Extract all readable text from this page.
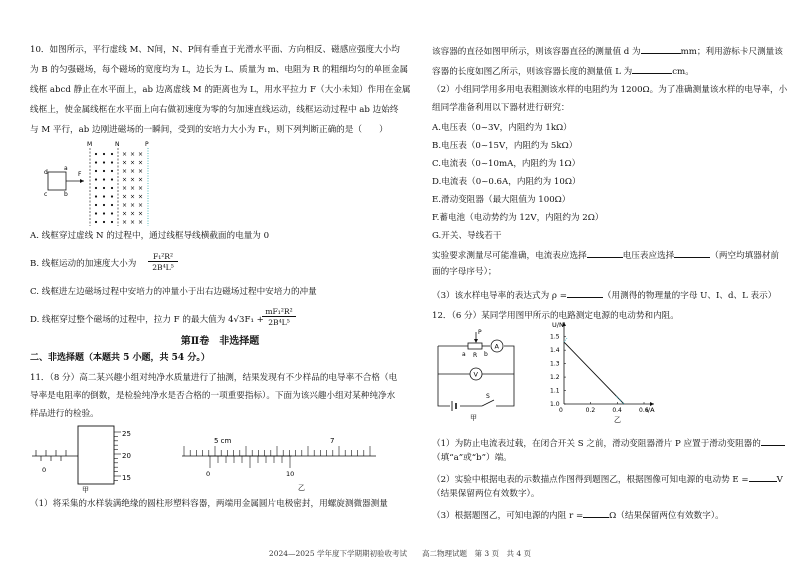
10．如图所示，平行虚线 M、N间，N、P间有垂直于光滑水平面、方向相反、磁感应强度大小均
为 B 的匀强磁场，每个磁场的宽度均为 L，边长为 L、质量为 m、电阻为 R 的粗细均匀的单匝金属
线框 abcd 静止在水平面上，ab 边离虚线 M 的距离也为 L，用水平拉力 F（大小未知）作用在金属
线框上，使金属线框在水平面上向右做初速度为零的匀加速直线运动，线框运动过程中 ab 边始终
与 M 平行，ab 边刚进磁场的一瞬间，受到的安培力大小为 F₁，则下列判断正确的是（　　）
d
c	b
a
F
M	N	P
× × ×
× × ×
× × ×
× × ×
× × ×
× × ×
× × ×
× × ×
× × ×
A. 线框穿过虚线 N 的过程中，通过线框导线横截面的电量为 0
B. 线框运动的加速度大小为
F₁²R²
2B⁴L⁵
C. 线框进左边磁场过程中安培力的冲量小于出右边磁场过程中安培力的冲量
D. 线框穿过整个磁场的过程中，拉力 F 的最大值为 4√3F₁ +
mF₁²R²
2B⁴L⁵
第Ⅱ卷　非选择题
二、非选择题（本题共 5 小题，共 54 分。）
11．（8 分）高二某兴趣小组对纯净水质量进行了抽测，结果发现有不少样品的电导率不合格（电
导率是电阻率的倒数，是检验纯净水是否合格的一项重要指标）。下面为该兴趣小组对某种纯净水
样品进行的检验。
0
25
20
15
甲
5 cm	7
0	10
乙
（1）将采集的水样装满绝缘的圆柱形塑料容器，两端用金属圆片电极密封，用螺旋测微器测量
该容器的直径如图甲所示，则该容器直径的测量值 d 为	mm；利用游标卡尺测量该
容器的长度如图乙所示，则该容器长度的测量值 L 为	cm。
（2）小组同学用多用电表粗测该水样的电阻约为 1200Ω。为了准确测量该水样的电导率，小
组同学准备利用以下器材进行研究：
A.电压表（0~3V，内阻约为 1kΩ）
B.电压表（0~15V，内阻约为 5kΩ）
C.电流表（0~10mA，内阻约为 1Ω）
D.电流表（0~0.6A，内阻约为 10Ω）
E.滑动变阻器（最大阻值为 100Ω）
F.蓄电池（电动势约为 12V，内阻约为 2Ω）
G.开关、导线若干
实验要求测量尽可能准确，电流表应选择	电压表应选择	（两空均填器材前
面的字母序号）；
（3）该水样电导率的表达式为 ρ =	（用测得的物理量的字母 U、I、d、L 表示）
12．（6 分）某同学用图甲所示的电路测定电源的电动势和内阻。
P
a R b
A
V
S
甲
0	0.2	0.4	0.6
1.0
1.1
1.2
1.3
1.4
1.5
I/A
U/N
乙
（1）为防止电流表过载，在闭合开关 S 之前，滑动变阻器滑片 P 应置于滑动变阻器的
（填“a”或“b”）端。
（2）实验中根据电表的示数描点作图得到题图乙，根据图像可知电源的电动势 E =	V
（结果保留两位有效数字）。
（3）根据题图乙，可知电源的内阻 r =	Ω（结果保留两位有效数字）。
2024—2025 学年度下学期期初验收考试　　高二物理试题　第 3 页　共 4 页
